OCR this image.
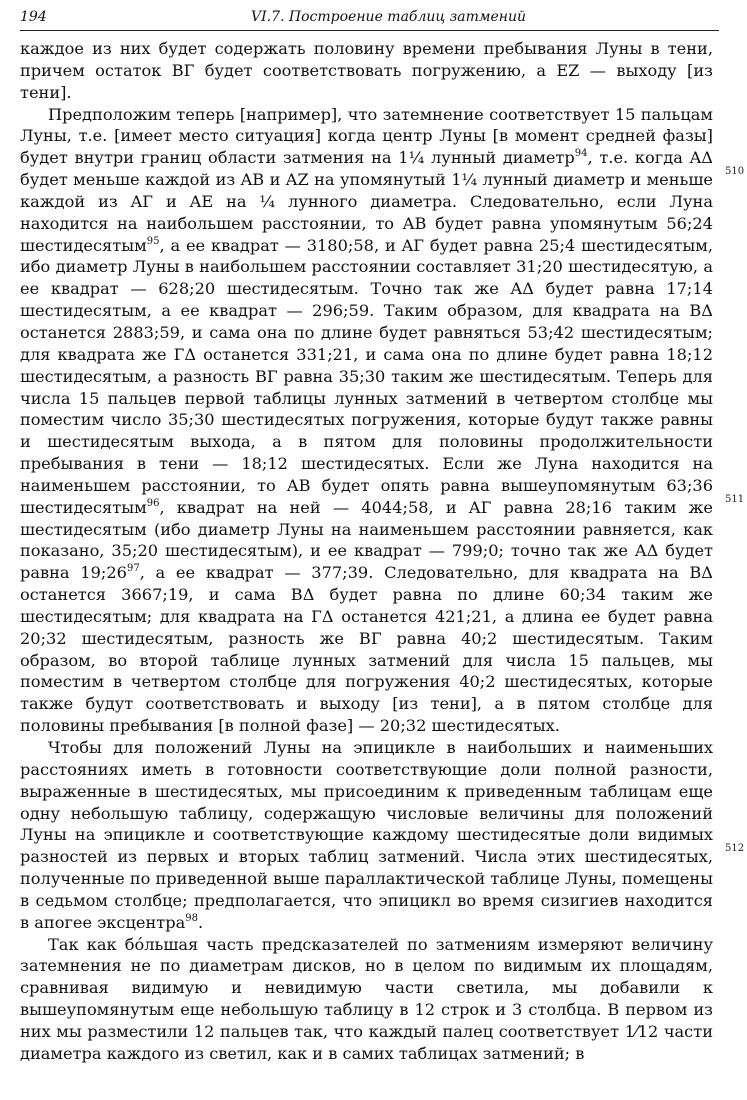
194	VI.7. Построение таблиц затмений

каждое из них будет содержать половину времени пребывания Луны в тени, причем остаток ВГ будет соответствовать погружению, а EZ — выходу [из тени].

Предположим теперь [например], что затемнение соответствует 15 пальцам Луны, т.е. [имеет место ситуация] когда центр Луны [в момент средней фазы] будет внутри границ области затмения на 1¼ лунный диаметр$^{94}$, т.е. когда AΔ будет меньше каждой из AB и AZ на упомянутый 1¼ лунный диаметр и меньше каждой из AГ и AE на ¼ лунного диаметра. Следовательно, если Луна находится на наибольшем расстоянии, то AB будет равна упомянутым 56;24 шестидесятым$^{95}$, а ее квадрат — 3180;58, и AГ будет равна 25;4 шестидесятым, ибо диаметр Луны в наибольшем расстоянии составляет 31;20 шестидесятую, а ее квадрат — 628;20 шестидесятым. Точно так же AΔ будет равна 17;14 шестидесятым, а ее квадрат — 296;59. Таким образом, для квадрата на BΔ останется 2883;59, и сама она по длине будет равняться 53;42 шестидесятым; для квадрата же ГΔ останется 331;21, и сама она по длине будет равна 18;12 шестидесятым, а разность ВГ равна 35;30 таким же шестидесятым. Теперь для числа 15 пальцев первой таблицы лунных затмений в четвертом столбце мы поместим число 35;30 шестидесятых погружения, которые будут также равны и шестидесятым выхода, а в пятом для половины продолжительности пребывания в тени — 18;12 шестидесятых. Если же Луна находится на наименьшем расстоянии, то AB будет опять равна вышеупомянутым 63;36 шестидесятым$^{96}$, квадрат на ней — 4044;58, и AГ равна 28;16 таким же шестидесятым (ибо диаметр Луны на наименьшем расстоянии равняется, как показано, 35;20 шестидесятым), и ее квадрат — 799;0; точно так же AΔ будет равна $19;26^{97}$, а ее квадрат — 377;39. Следовательно, для квадрата на BΔ останется 3667;19, и сама BΔ будет равна по длине 60;34 таким же шестидесятым; для квадрата на ГΔ останется 421;21, а длина ее будет равна 20;32 шестидесятым, разность же ВГ равна 40;2 шестидесятым. Таким образом, во второй таблице лунных затмений для числа 15 пальцев, мы поместим в четвертом столбце для погружения 40;2 шестидесятых, которые также будут соответствовать и выходу [из тени], а в пятом столбце для половины пребывания [в полной фазе] — 20;32 шестидесятых.

Чтобы для положений Луны на эпицикле в наибольших и наименьших расстояниях иметь в готовности соответствующие доли полной разности, выраженные в шестидесятых, мы присоединим к приведенным таблицам еще одну небольшую таблицу, содержащую числовые величины для положений Луны на эпицикле и соответствующие каждому шестидесятые доли видимых разностей из первых и вторых таблиц затмений. Числа этих шестидесятых, полученные по приведенной выше параллактической таблице Луны, помещены в седьмом столбце; предполагается, что эпицикл во время сизигиев находится в апогее эксцентра$^{98}$.

Так как бóльшая часть предсказателей по затмениям измеряют величину затемнения не по диаметрам дисков, но в целом по видимым их площадям, сравнивая видимую и невидимую части светила, мы добавили к вышеупомянутым еще небольшую таблицу в 12 строк и 3 столбца. В первом из них мы разместили 12 пальцев так, что каждый палец соответствует 1⁄12 части диаметра каждого из светил, как и в самих таблицах затмений; в

510
511
512
